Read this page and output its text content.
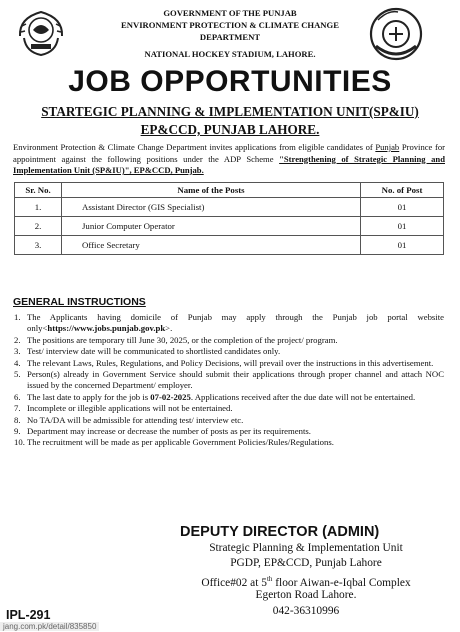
GOVERNMENT OF THE PUNJAB
ENVIRONMENT PROTECTION & CLIMATE CHANGE
DEPARTMENT
NATIONAL HOCKEY STADIUM, LAHORE.
JOB OPPORTUNITIES
STARTEGIC PLANNING & IMPLEMENTATION UNIT(SP&IU)
EP&CCD, PUNJAB LAHORE.
Environment Protection & Climate Change Department invites applications from eligible candidates of Punjab Province for appointment against the following positions under the ADP Scheme "Strengthening of Strategic Planning and Implementation Unit (SP&IU)", EP&CCD, Punjab.
Sr. No.	Name of the Posts	No. of Post
1.	Assistant Director (GIS Specialist)	01
2.	Junior Computer Operator	01
3.	Office Secretary	01
GENERAL INSTRUCTIONS
1. The Applicants having domicile of Punjab may apply through the Punjab job portal website only<https://www.jobs.punjab.gov.pk>.
2. The positions are temporary till June 30, 2025, or the completion of the project/ program.
3. Test/ interview date will be communicated to shortlisted candidates only.
4. The relevant Laws, Rules, Regulations, and Policy Decisions, will prevail over the instructions in this advertisement.
5. Person(s) already in Government Service should submit their applications through proper channel and attach NOC issued by the concerned Department/ employer.
6. The last date to apply for the job is 07-02-2025. Applications received after the due date will not be entertained.
7. Incomplete or illegible applications will not be entertained.
8. No TA/DA will be admissible for attending test/ interview etc.
9. Department may increase or decrease the number of posts as per its requirements.
10. The recruitment will be made as per applicable Government Policies/Rules/Regulations.
DEPUTY DIRECTOR (ADMIN)
Strategic Planning & Implementation Unit
PGDP, EP&CCD, Punjab Lahore
Office#02 at 5th floor Aiwan-e-Iqbal Complex
Egerton Road Lahore.
042-36310996
IPL-291
jang.com.pk/detail/835850
